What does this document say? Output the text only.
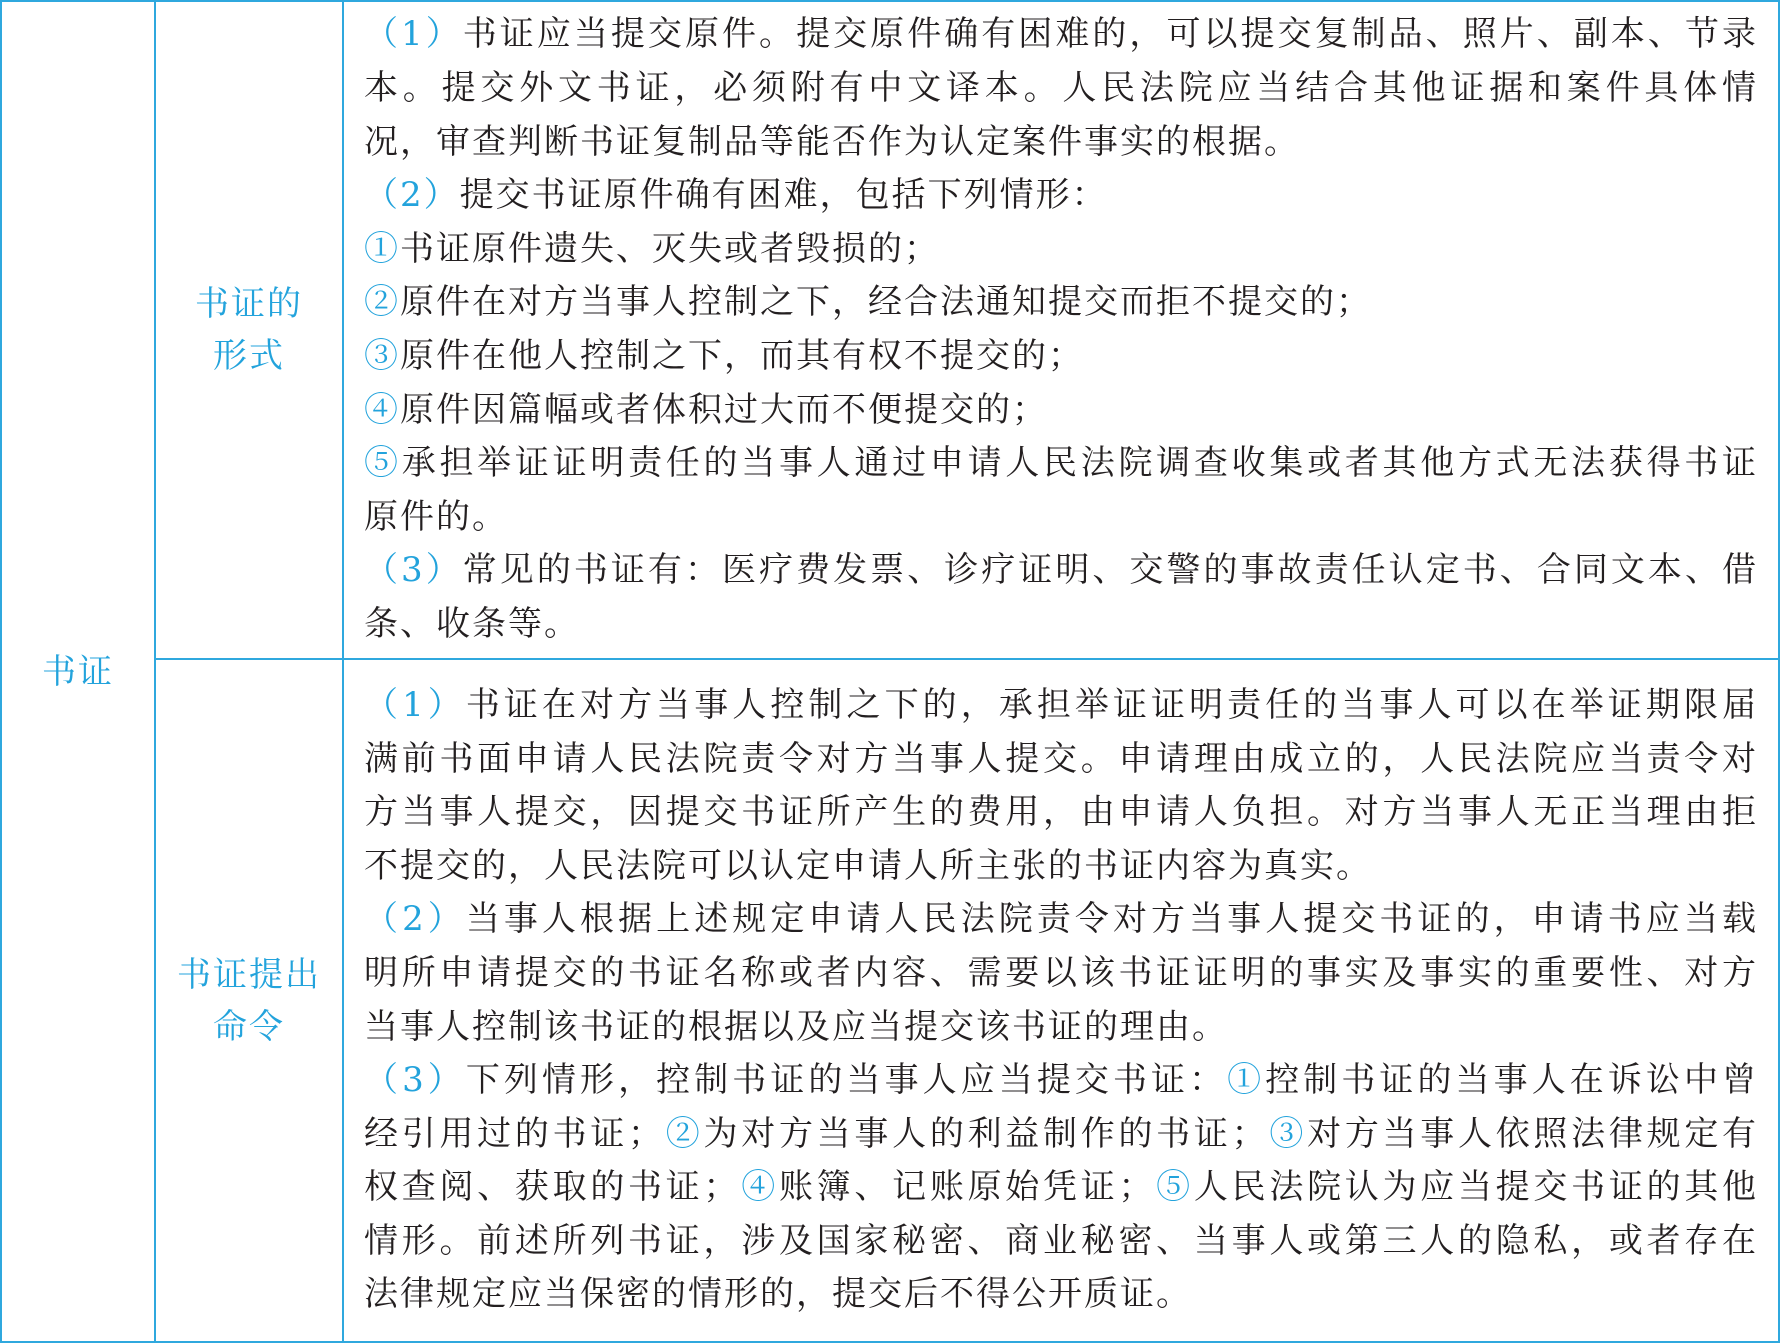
书证
书证的
形式
（1）书证应当提交原件。提交原件确有困难的，可以提交复制品、照片、副本、节录
本。提交外文书证，必须附有中文译本。人民法院应当结合其他证据和案件具体情
况，审查判断书证复制品等能否作为认定案件事实的根据。
（2）提交书证原件确有困难，包括下列情形：
①书证原件遗失、灭失或者毁损的；
②原件在对方当事人控制之下，经合法通知提交而拒不提交的；
③原件在他人控制之下，而其有权不提交的；
④原件因篇幅或者体积过大而不便提交的；
⑤承担举证证明责任的当事人通过申请人民法院调查收集或者其他方式无法获得书证
原件的。
（3）常见的书证有：医疗费发票、诊疗证明、交警的事故责任认定书、合同文本、借
条、收条等。
书证提出
命令
（1）书证在对方当事人控制之下的，承担举证证明责任的当事人可以在举证期限届
满前书面申请人民法院责令对方当事人提交。申请理由成立的，人民法院应当责令对
方当事人提交，因提交书证所产生的费用，由申请人负担。对方当事人无正当理由拒
不提交的，人民法院可以认定申请人所主张的书证内容为真实。
（2）当事人根据上述规定申请人民法院责令对方当事人提交书证的，申请书应当载
明所申请提交的书证名称或者内容、需要以该书证证明的事实及事实的重要性、对方
当事人控制该书证的根据以及应当提交该书证的理由。
（3）下列情形，控制书证的当事人应当提交书证：①控制书证的当事人在诉讼中曾
经引用过的书证；②为对方当事人的利益制作的书证；③对方当事人依照法律规定有
权查阅、获取的书证；④账簿、记账原始凭证；⑤人民法院认为应当提交书证的其他
情形。前述所列书证，涉及国家秘密、商业秘密、当事人或第三人的隐私，或者存在
法律规定应当保密的情形的，提交后不得公开质证。
